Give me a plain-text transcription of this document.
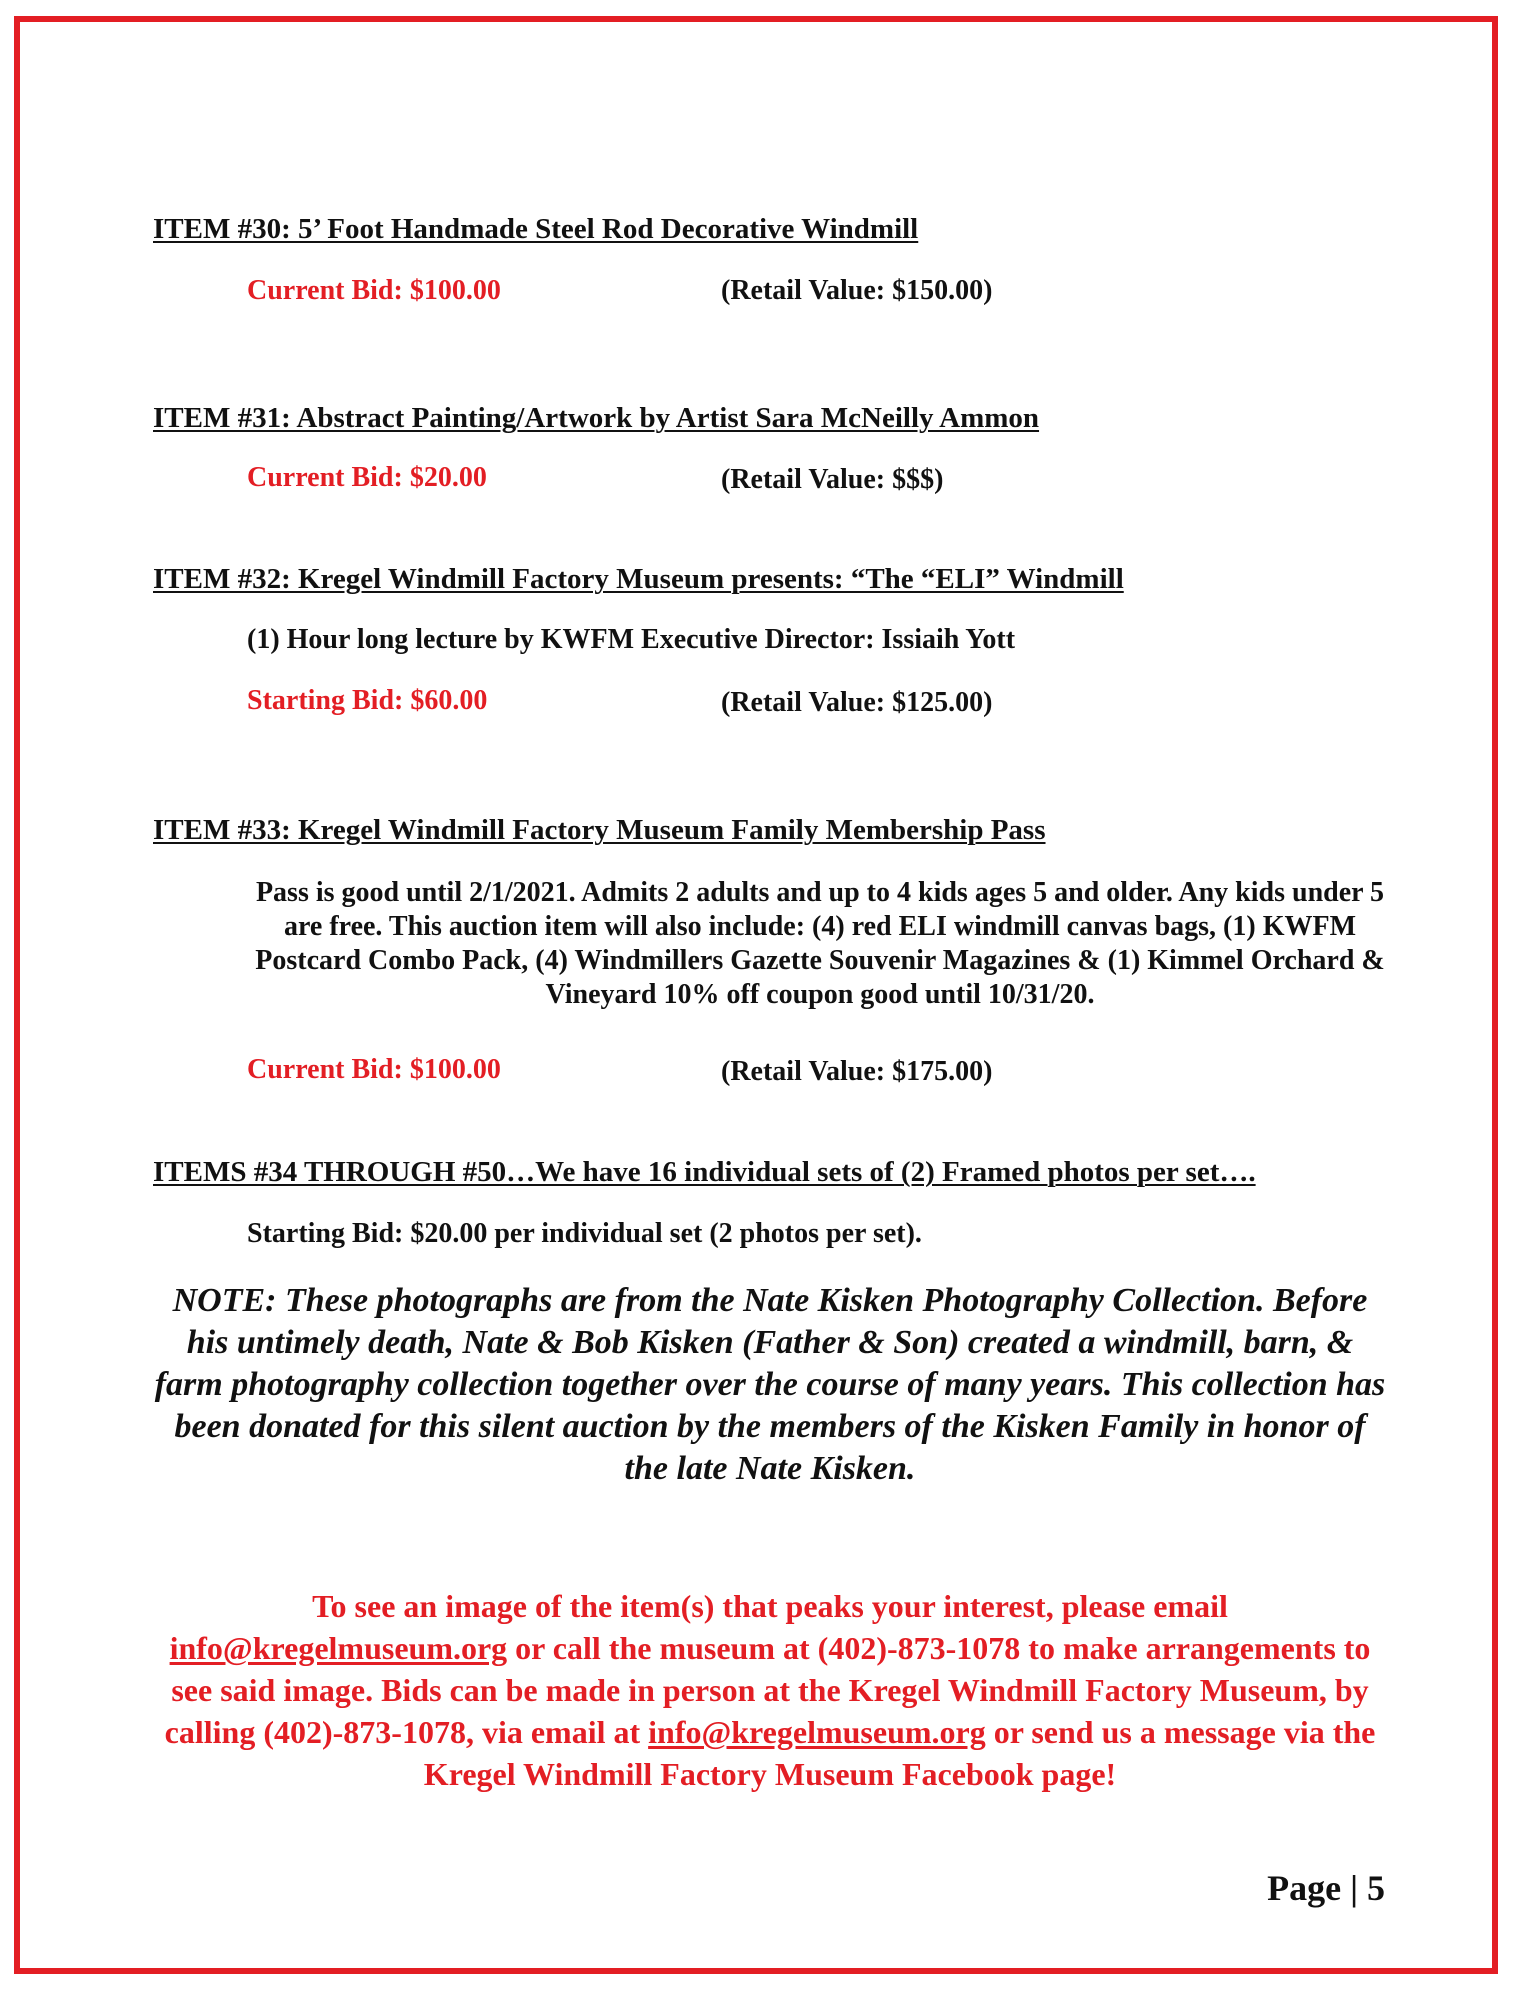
ITEM #30: 5’ Foot Handmade Steel Rod Decorative Windmill
Current Bid: $100.00	(Retail Value: $150.00)
ITEM #31: Abstract Painting/Artwork by Artist Sara McNeilly Ammon
Current Bid: $20.00	(Retail Value: $$$)
ITEM #32: Kregel Windmill Factory Museum presents: “The “ELI” Windmill
(1) Hour long lecture by KWFM Executive Director: Issiaih Yott
Starting Bid: $60.00	(Retail Value: $125.00)
ITEM #33: Kregel Windmill Factory Museum Family Membership Pass
Pass is good until 2/1/2021. Admits 2 adults and up to 4 kids ages 5 and older. Any kids under 5 are free. This auction item will also include: (4) red ELI windmill canvas bags, (1) KWFM Postcard Combo Pack, (4) Windmillers Gazette Souvenir Magazines & (1) Kimmel Orchard & Vineyard 10% off coupon good until 10/31/20.
Current Bid: $100.00	(Retail Value: $175.00)
ITEMS #34 THROUGH #50…We have 16 individual sets of (2) Framed photos per set….
Starting Bid: $20.00 per individual set (2 photos per set).
NOTE: These photographs are from the Nate Kisken Photography Collection. Before his untimely death, Nate & Bob Kisken (Father & Son) created a windmill, barn, & farm photography collection together over the course of many years. This collection has been donated for this silent auction by the members of the Kisken Family in honor of the late Nate Kisken.
To see an image of the item(s) that peaks your interest, please email info@kregelmuseum.org or call the museum at (402)-873-1078 to make arrangements to see said image. Bids can be made in person at the Kregel Windmill Factory Museum, by calling (402)-873-1078, via email at info@kregelmuseum.org or send us a message via the Kregel Windmill Factory Museum Facebook page!
Page | 5
